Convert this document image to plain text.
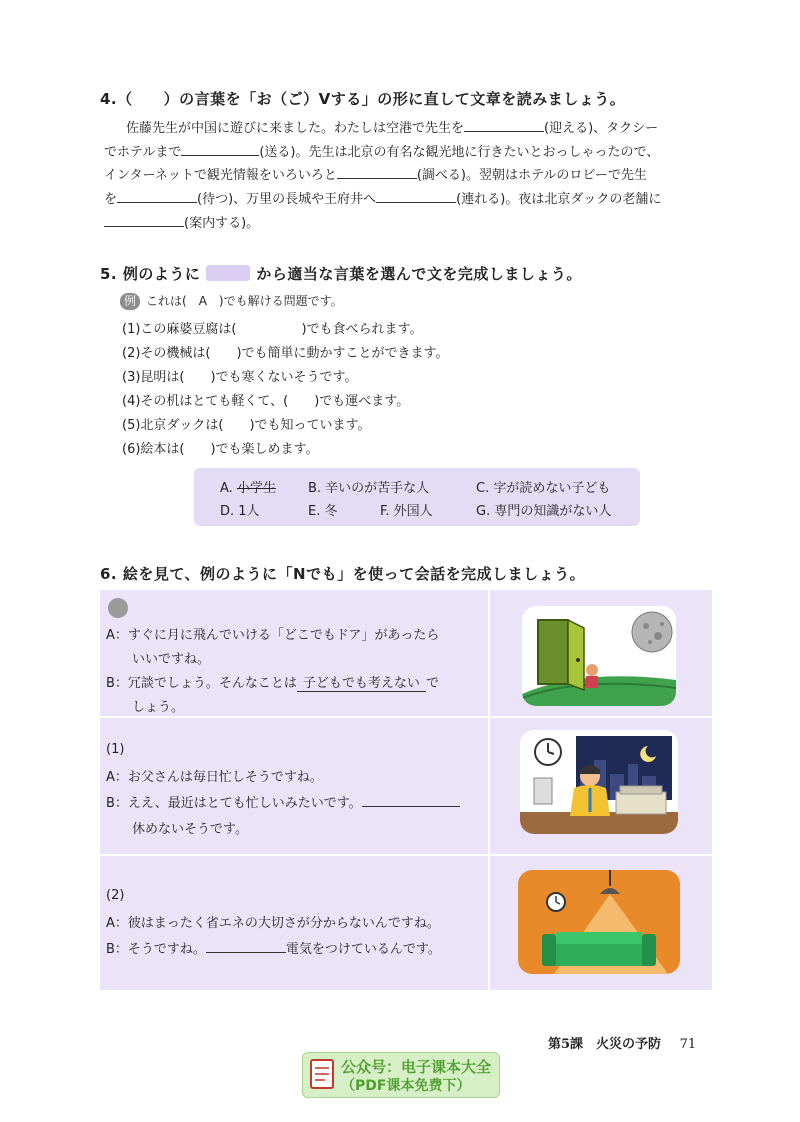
4.（　　）の言葉を「お（ご）Vする」の形に直して文章を読みましょう。
佐藤先生が中国に遊びに来ました。わたしは空港で先生を	(迎える)、タクシー
でホテルまで	(送る)。先生は北京の有名な観光地に行きたいとおっしゃったので、
インターネットで観光情報をいろいろと	(調べる)。翌朝はホテルのロビーで先生
を	(待つ)、万里の長城や王府井へ	(連れる)。夜は北京ダックの老舗に
(案内する)。
5. 例のように	から適当な言葉を選んで文を完成しましょう。
例 これは(　A　)でも解ける問題です。
(1)この麻婆豆腐は(　　　　　)でも食べられます。
(2)その機械は(　　)でも簡単に動かすことができます。
(3)昆明は(　　)でも寒くないそうです。
(4)その机はとても軽くて、(　　)でも運べます。
(5)北京ダックは(　　)でも知っています。
(6)絵本は(　　)でも楽しめます。
A. 小学生 B. 辛いのが苦手な人	C. 字が読めない子ども
D. 1人	E. 冬	F. 外国人	G. 専門の知識がない人
6. 絵を見て、例のように「Nでも」を使って会話を完成しましょう。
A：すぐに月に飛んでいける「どこでもドア」があったら
いいですね。
B：冗談でしょう。そんなことは 子どもでも考えない で
しょう。
(1)
A：お父さんは毎日忙しそうですね。
B：ええ、最近はとても忙しいみたいです。
休めないそうです。
(2)
A：彼はまったく省エネの大切さが分からないんですね。
B：そうですね。	電気をつけているんです。
第5課　火災の予防 71
公众号：电子课本大全
（PDF课本免费下）
